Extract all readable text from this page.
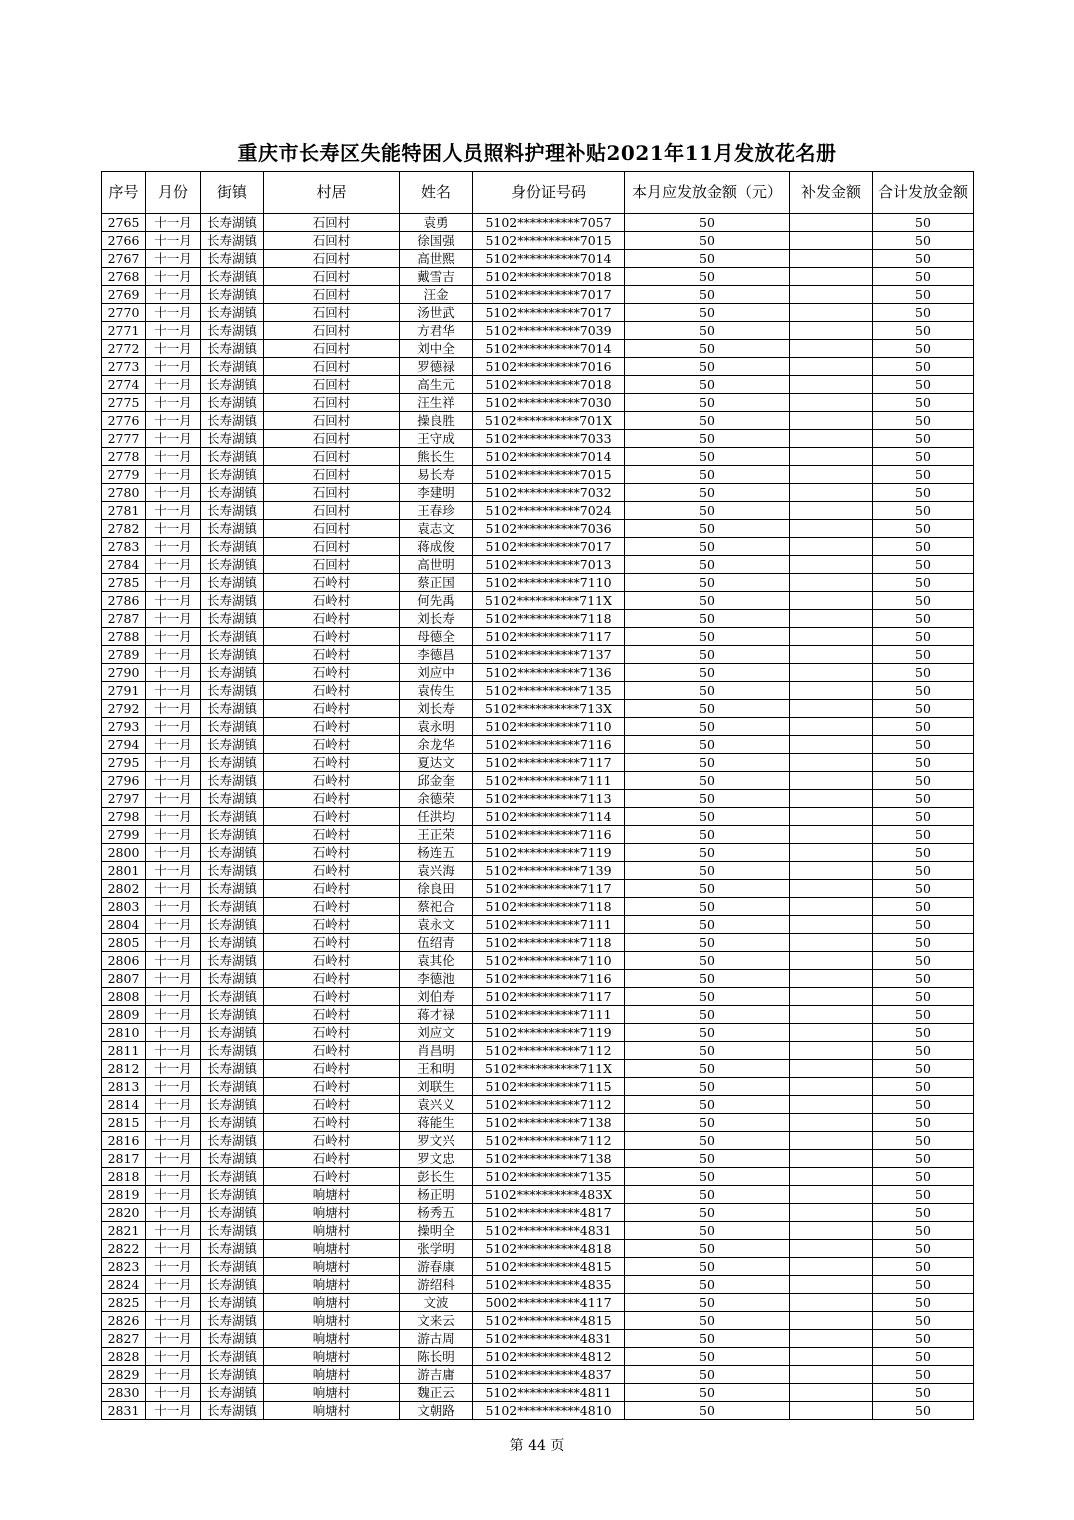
重庆市长寿区失能特困人员照料护理补贴2021年11月发放花名册
序号	月份	街镇	村居	姓名	身份证号码	本月应发放金额（元）	补发金额	合计发放金额
2765	十一月	长寿湖镇	石回村	袁勇	5102**********7057	50		50
2766	十一月	长寿湖镇	石回村	徐国强	5102**********7015	50		50
2767	十一月	长寿湖镇	石回村	高世熙	5102**********7014	50		50
2768	十一月	长寿湖镇	石回村	戴雪吉	5102**********7018	50		50
2769	十一月	长寿湖镇	石回村	汪金	5102**********7017	50		50
2770	十一月	长寿湖镇	石回村	汤世武	5102**********7017	50		50
2771	十一月	长寿湖镇	石回村	方君华	5102**********7039	50		50
2772	十一月	长寿湖镇	石回村	刘中全	5102**********7014	50		50
2773	十一月	长寿湖镇	石回村	罗德禄	5102**********7016	50		50
2774	十一月	长寿湖镇	石回村	高生元	5102**********7018	50		50
2775	十一月	长寿湖镇	石回村	汪生祥	5102**********7030	50		50
2776	十一月	长寿湖镇	石回村	操良胜	5102**********701X	50		50
2777	十一月	长寿湖镇	石回村	王守成	5102**********7033	50		50
2778	十一月	长寿湖镇	石回村	熊长生	5102**********7014	50		50
2779	十一月	长寿湖镇	石回村	易长寿	5102**********7015	50		50
2780	十一月	长寿湖镇	石回村	李建明	5102**********7032	50		50
2781	十一月	长寿湖镇	石回村	王春珍	5102**********7024	50		50
2782	十一月	长寿湖镇	石回村	袁志文	5102**********7036	50		50
2783	十一月	长寿湖镇	石回村	蒋成俊	5102**********7017	50		50
2784	十一月	长寿湖镇	石回村	高世明	5102**********7013	50		50
2785	十一月	长寿湖镇	石岭村	蔡正国	5102**********7110	50		50
2786	十一月	长寿湖镇	石岭村	何先禹	5102**********711X	50		50
2787	十一月	长寿湖镇	石岭村	刘长寿	5102**********7118	50		50
2788	十一月	长寿湖镇	石岭村	母德全	5102**********7117	50		50
2789	十一月	长寿湖镇	石岭村	李德昌	5102**********7137	50		50
2790	十一月	长寿湖镇	石岭村	刘应中	5102**********7136	50		50
2791	十一月	长寿湖镇	石岭村	袁传生	5102**********7135	50		50
2792	十一月	长寿湖镇	石岭村	刘长寿	5102**********713X	50		50
2793	十一月	长寿湖镇	石岭村	袁永明	5102**********7110	50		50
2794	十一月	长寿湖镇	石岭村	余龙华	5102**********7116	50		50
2795	十一月	长寿湖镇	石岭村	夏达文	5102**********7117	50		50
2796	十一月	长寿湖镇	石岭村	邱金奎	5102**********7111	50		50
2797	十一月	长寿湖镇	石岭村	余德荣	5102**********7113	50		50
2798	十一月	长寿湖镇	石岭村	任洪均	5102**********7114	50		50
2799	十一月	长寿湖镇	石岭村	王正荣	5102**********7116	50		50
2800	十一月	长寿湖镇	石岭村	杨连五	5102**********7119	50		50
2801	十一月	长寿湖镇	石岭村	袁兴海	5102**********7139	50		50
2802	十一月	长寿湖镇	石岭村	徐良田	5102**********7117	50		50
2803	十一月	长寿湖镇	石岭村	蔡祀合	5102**********7118	50		50
2804	十一月	长寿湖镇	石岭村	袁永文	5102**********7111	50		50
2805	十一月	长寿湖镇	石岭村	伍绍青	5102**********7118	50		50
2806	十一月	长寿湖镇	石岭村	袁其伦	5102**********7110	50		50
2807	十一月	长寿湖镇	石岭村	李德池	5102**********7116	50		50
2808	十一月	长寿湖镇	石岭村	刘伯寿	5102**********7117	50		50
2809	十一月	长寿湖镇	石岭村	蒋才禄	5102**********7111	50		50
2810	十一月	长寿湖镇	石岭村	刘应文	5102**********7119	50		50
2811	十一月	长寿湖镇	石岭村	肖昌明	5102**********7112	50		50
2812	十一月	长寿湖镇	石岭村	王和明	5102**********711X	50		50
2813	十一月	长寿湖镇	石岭村	刘联生	5102**********7115	50		50
2814	十一月	长寿湖镇	石岭村	袁兴义	5102**********7112	50		50
2815	十一月	长寿湖镇	石岭村	蒋能生	5102**********7138	50		50
2816	十一月	长寿湖镇	石岭村	罗文兴	5102**********7112	50		50
2817	十一月	长寿湖镇	石岭村	罗文忠	5102**********7138	50		50
2818	十一月	长寿湖镇	石岭村	彭长生	5102**********7135	50		50
2819	十一月	长寿湖镇	响塘村	杨正明	5102**********483X	50		50
2820	十一月	长寿湖镇	响塘村	杨秀五	5102**********4817	50		50
2821	十一月	长寿湖镇	响塘村	操明全	5102**********4831	50		50
2822	十一月	长寿湖镇	响塘村	张学明	5102**********4818	50		50
2823	十一月	长寿湖镇	响塘村	游春康	5102**********4815	50		50
2824	十一月	长寿湖镇	响塘村	游绍科	5102**********4835	50		50
2825	十一月	长寿湖镇	响塘村	文波	5002**********4117	50		50
2826	十一月	长寿湖镇	响塘村	文来云	5102**********4815	50		50
2827	十一月	长寿湖镇	响塘村	游古周	5102**********4831	50		50
2828	十一月	长寿湖镇	响塘村	陈长明	5102**********4812	50		50
2829	十一月	长寿湖镇	响塘村	游吉庸	5102**********4837	50		50
2830	十一月	长寿湖镇	响塘村	魏正云	5102**********4811	50		50
2831	十一月	长寿湖镇	响塘村	文朝路	5102**********4810	50		50
第 44 页
